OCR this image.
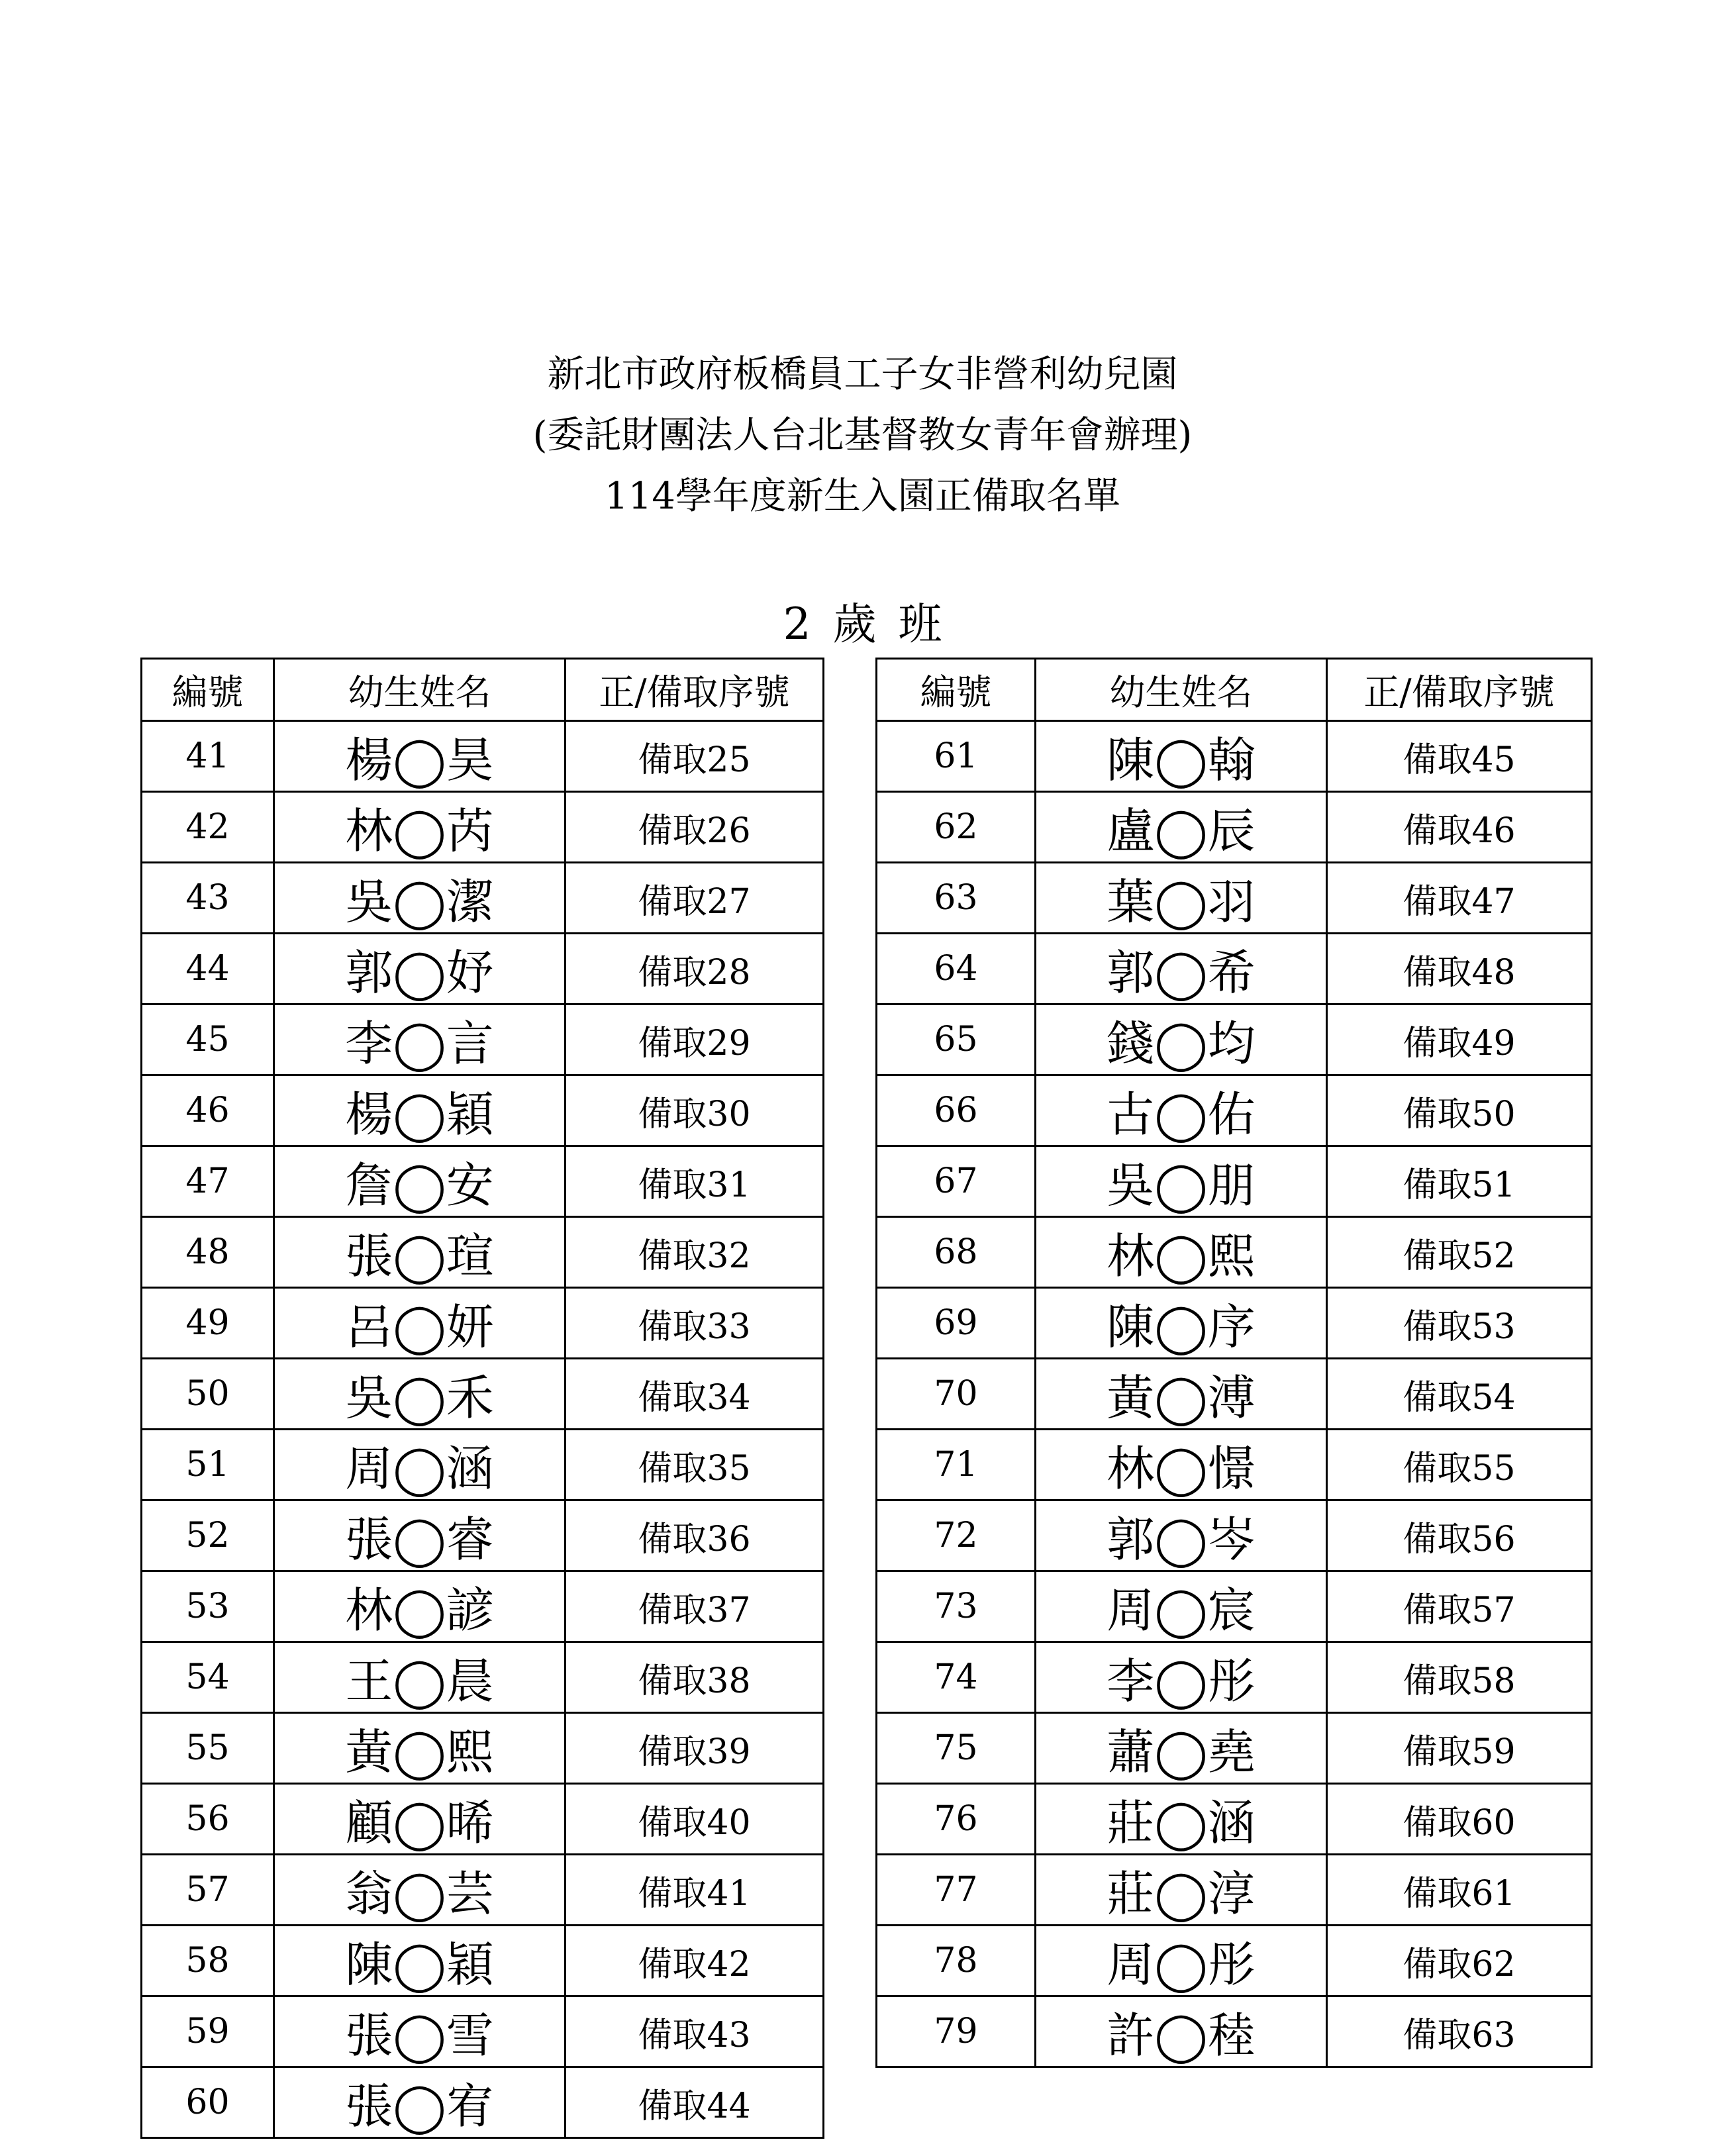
新北市政府板橋員工子女非營利幼兒園
(委託財團法人台北基督教女青年會辦理)
114學年度新生入園正備取名單
2 歲 班
編號	幼生姓名	正/備取序號
41	楊◯昊	備取25
42	林◯芮	備取26
43	吳◯潔	備取27
44	郭◯妤	備取28
45	李◯言	備取29
46	楊◯穎	備取30
47	詹◯安	備取31
48	張◯瑄	備取32
49	呂◯妍	備取33
50	吳◯禾	備取34
51	周◯涵	備取35
52	張◯睿	備取36
53	林◯諺	備取37
54	王◯晨	備取38
55	黃◯熙	備取39
56	顧◯晞	備取40
57	翁◯芸	備取41
58	陳◯穎	備取42
59	張◯雪	備取43
60	張◯宥	備取44
編號	幼生姓名	正/備取序號
61	陳◯翰	備取45
62	盧◯辰	備取46
63	葉◯羽	備取47
64	郭◯希	備取48
65	錢◯均	備取49
66	古◯佑	備取50
67	吳◯朋	備取51
68	林◯熙	備取52
69	陳◯序	備取53
70	黃◯溥	備取54
71	林◯憬	備取55
72	郭◯岑	備取56
73	周◯宸	備取57
74	李◯彤	備取58
75	蕭◯堯	備取59
76	莊◯涵	備取60
77	莊◯淳	備取61
78	周◯彤	備取62
79	許◯稑	備取63
